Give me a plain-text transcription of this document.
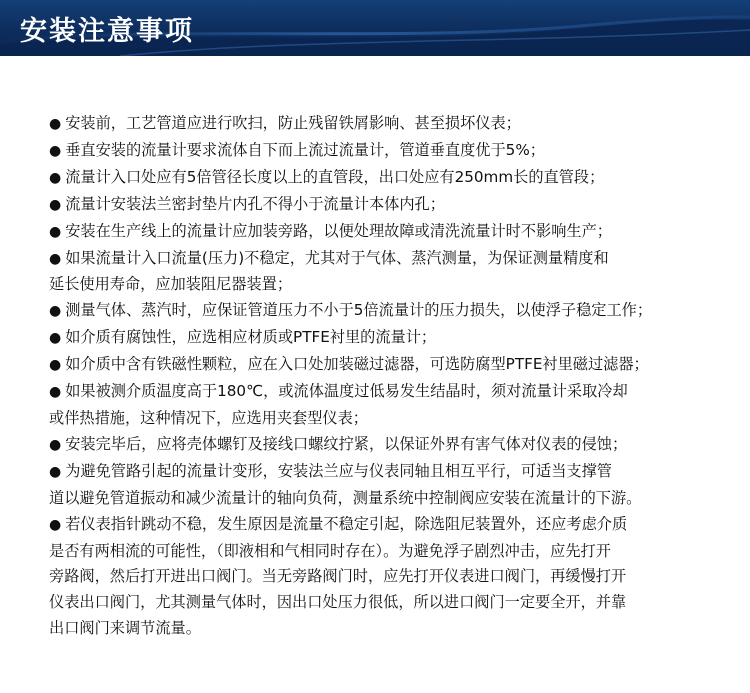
安装注意事项
● 安装前，工艺管道应进行吹扫，防止残留铁屑影响、甚至损坏仪表；
● 垂直安装的流量计要求流体自下而上流过流量计，管道垂直度优于5%；
● 流量计入口处应有5倍管径长度以上的直管段，出口处应有250mm长的直管段；
● 流量计安装法兰密封垫片内孔不得小于流量计本体内孔；
● 安装在生产线上的流量计应加装旁路，以便处理故障或清洗流量计时不影响生产；
● 如果流量计入口流量(压力)不稳定，尤其对于气体、蒸汽测量，为保证测量精度和
延长使用寿命，应加装阻尼器装置；
● 测量气体、蒸汽时，应保证管道压力不小于5倍流量计的压力损失，以使浮子稳定工作；
● 如介质有腐蚀性，应选相应材质或PTFE衬里的流量计；
● 如介质中含有铁磁性颗粒，应在入口处加装磁过滤器，可选防腐型PTFE衬里磁过滤器；
● 如果被测介质温度高于180℃，或流体温度过低易发生结晶时，须对流量计采取冷却
或伴热措施，这种情况下，应选用夹套型仪表；
● 安装完毕后，应将壳体螺钉及接线口螺纹拧紧，以保证外界有害气体对仪表的侵蚀；
● 为避免管路引起的流量计变形，安装法兰应与仪表同轴且相互平行，可适当支撑管
道以避免管道振动和减少流量计的轴向负荷，测量系统中控制阀应安装在流量计的下游。
● 若仪表指针跳动不稳，发生原因是流量不稳定引起，除选阻尼装置外，还应考虑介质
是否有两相流的可能性，（即液相和气相同时存在）。为避免浮子剧烈冲击，应先打开
旁路阀，然后打开进出口阀门。当无旁路阀门时，应先打开仪表进口阀门，再缓慢打开
仪表出口阀门，尤其测量气体时，因出口处压力很低，所以进口阀门一定要全开，并靠
出口阀门来调节流量。
